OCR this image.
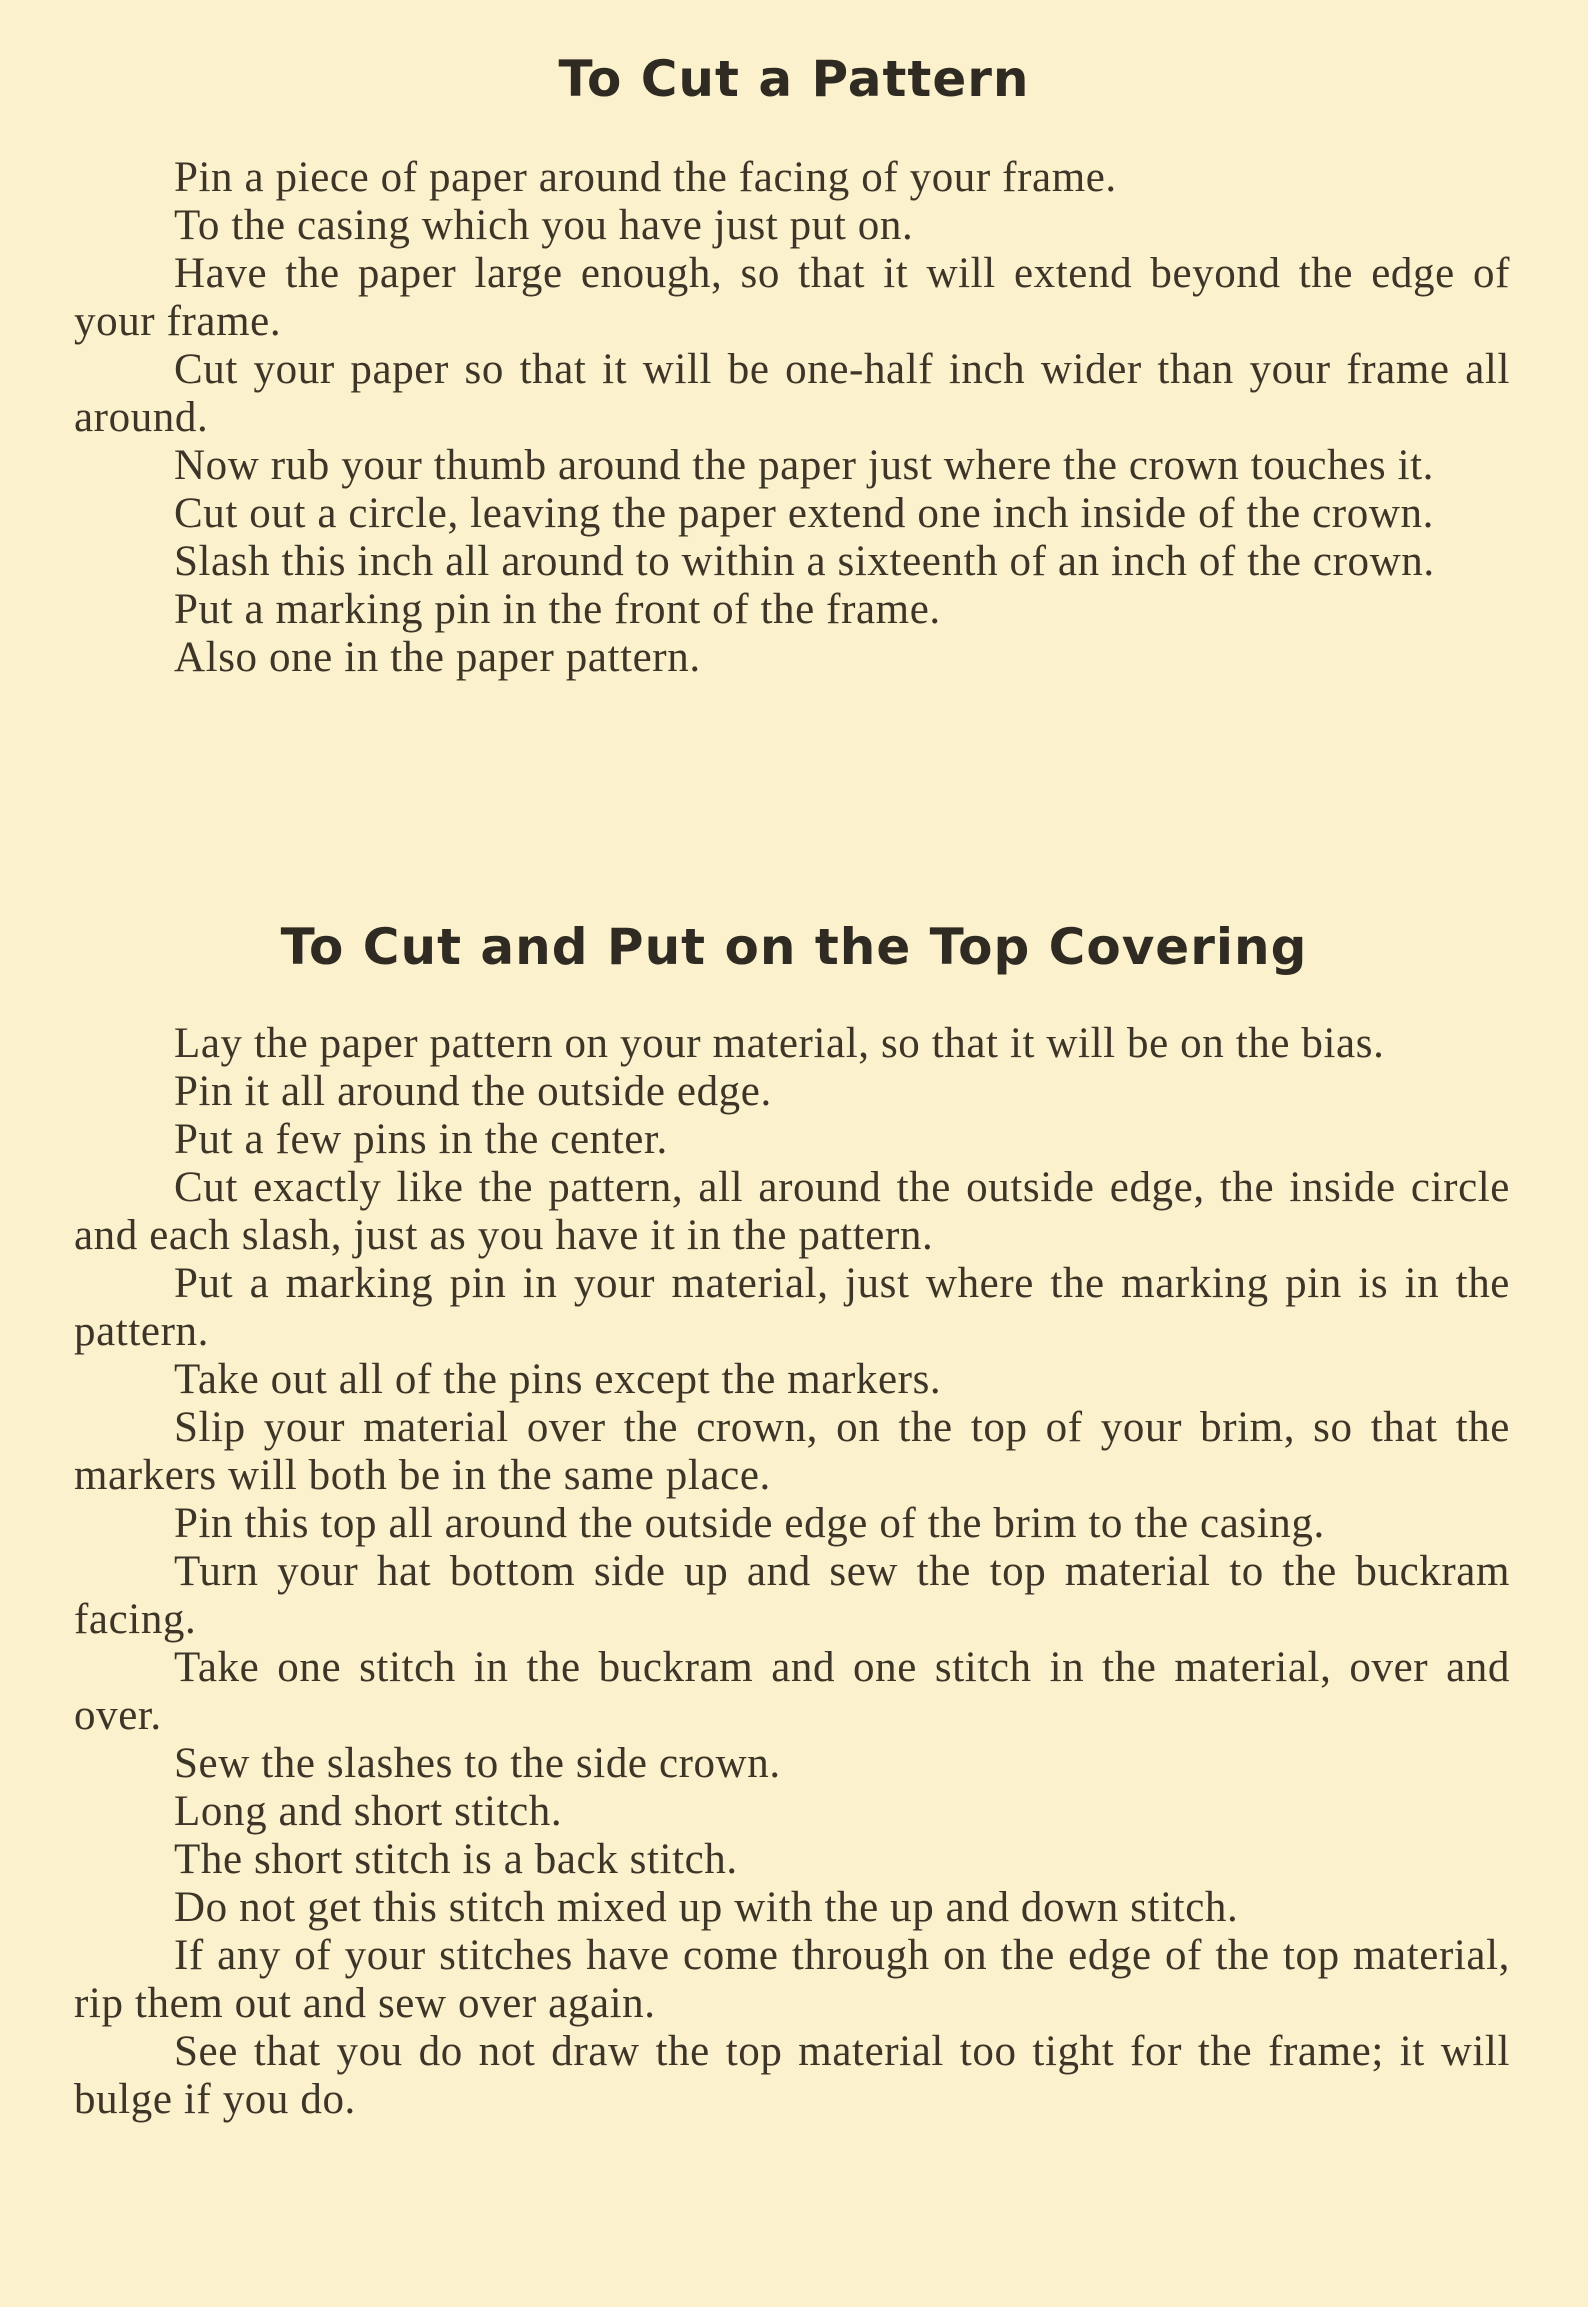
To Cut a Pattern

Pin a piece of paper around the facing of your frame.

To the casing which you have just put on.

Have the paper large enough, so that it will extend beyond the edge of your frame.

Cut your paper so that it will be one-half inch wider than your frame all around.

Now rub your thumb around the paper just where the crown touches it.

Cut out a circle, leaving the paper extend one inch inside of the crown.

Slash this inch all around to within a sixteenth of an inch of the crown.

Put a marking pin in the front of the frame.

Also one in the paper pattern.

To Cut and Put on the Top Covering

Lay the paper pattern on your material, so that it will be on the bias.

Pin it all around the outside edge.

Put a few pins in the center.

Cut exactly like the pattern, all around the outside edge, the inside circle and each slash, just as you have it in the pattern.

Put a marking pin in your material, just where the marking pin is in the pattern.

Take out all of the pins except the markers.

Slip your material over the crown, on the top of your brim, so that the markers will both be in the same place.

Pin this top all around the outside edge of the brim to the casing.

Turn your hat bottom side up and sew the top material to the buckram facing.

Take one stitch in the buckram and one stitch in the material, over and over.

Sew the slashes to the side crown.

Long and short stitch.

The short stitch is a back stitch.

Do not get this stitch mixed up with the up and down stitch.

If any of your stitches have come through on the edge of the top material, rip them out and sew over again.

See that you do not draw the top material too tight for the frame; it will bulge if you do.
